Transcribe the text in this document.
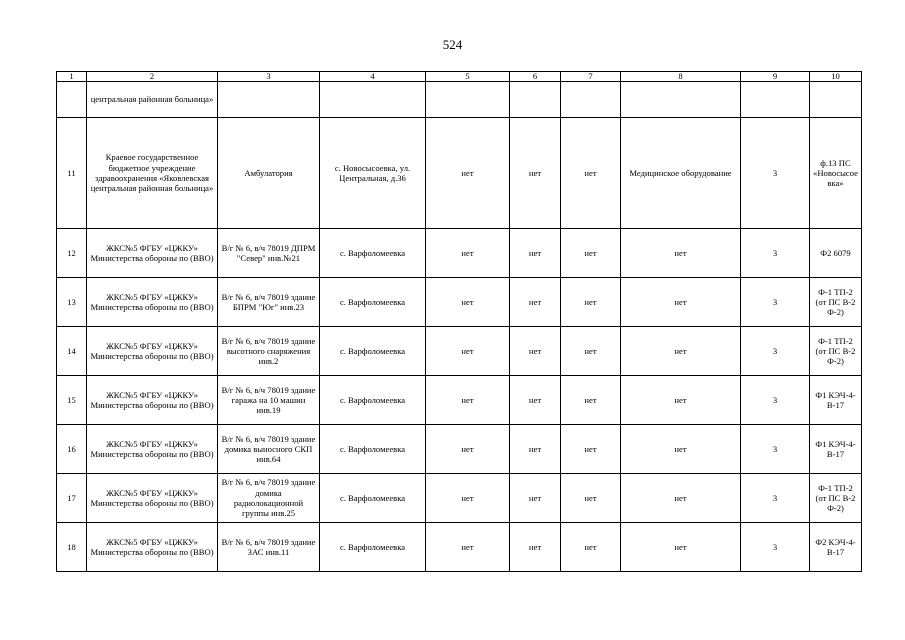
524
1	2	3	4	5	6	7	8	9	10
	центральная районная больница»								
11	Краевое государственное бюджетное учреждение здравоохранения «Яковлевская центральная районная больница»	Амбулатория	с. Новосысоевка, ул. Центральная, д.36	нет	нет	нет	Медицинское оборудование	3	ф.13 ПС «Новосысоевка»
12	ЖКС№5 ФГБУ «ЦЖКУ» Министерства обороны по (ВВО)	В/г № 6, в/ч 78019 ДПРМ "Север" инв.№21	с. Варфоломеевка	нет	нет	нет	нет	3	Ф2 6079
13	ЖКС№5 ФГБУ «ЦЖКУ» Министерства обороны по (ВВО)	В/г № 6, в/ч 78019 здание БПРМ "Юг" инв.23	с. Варфоломеевка	нет	нет	нет	нет	3	Ф-1 ТП-2 (от ПС В-2 Ф-2)
14	ЖКС№5 ФГБУ «ЦЖКУ» Министерства обороны по (ВВО)	В/г № 6, в/ч 78019 здание высотного снаряжения инв.2	с. Варфоломеевка	нет	нет	нет	нет	3	Ф-1 ТП-2 (от ПС В-2 Ф-2)
15	ЖКС№5 ФГБУ «ЦЖКУ» Министерства обороны по (ВВО)	В/г № 6, в/ч 78019 здание гаража на 10 машин инв.19	с. Варфоломеевка	нет	нет	нет	нет	3	Ф1 КЭЧ-4-В-17
16	ЖКС№5 ФГБУ «ЦЖКУ» Министерства обороны по (ВВО)	В/г № 6, в/ч 78019 здание домика выносного СКП инв.64	с. Варфоломеевка	нет	нет	нет	нет	3	Ф1 КЭЧ-4-В-17
17	ЖКС№5 ФГБУ «ЦЖКУ» Министерства обороны по (ВВО)	В/г № 6, в/ч 78019 здание домика радиолокационной группы инв.25	с. Варфоломеевка	нет	нет	нет	нет	3	Ф-1 ТП-2 (от ПС В-2 Ф-2)
18	ЖКС№5 ФГБУ «ЦЖКУ» Министерства обороны по (ВВО)	В/г № 6, в/ч 78019 здание ЗАС инв.11	с. Варфоломеевка	нет	нет	нет	нет	3	Ф2 КЭЧ-4-В-17
